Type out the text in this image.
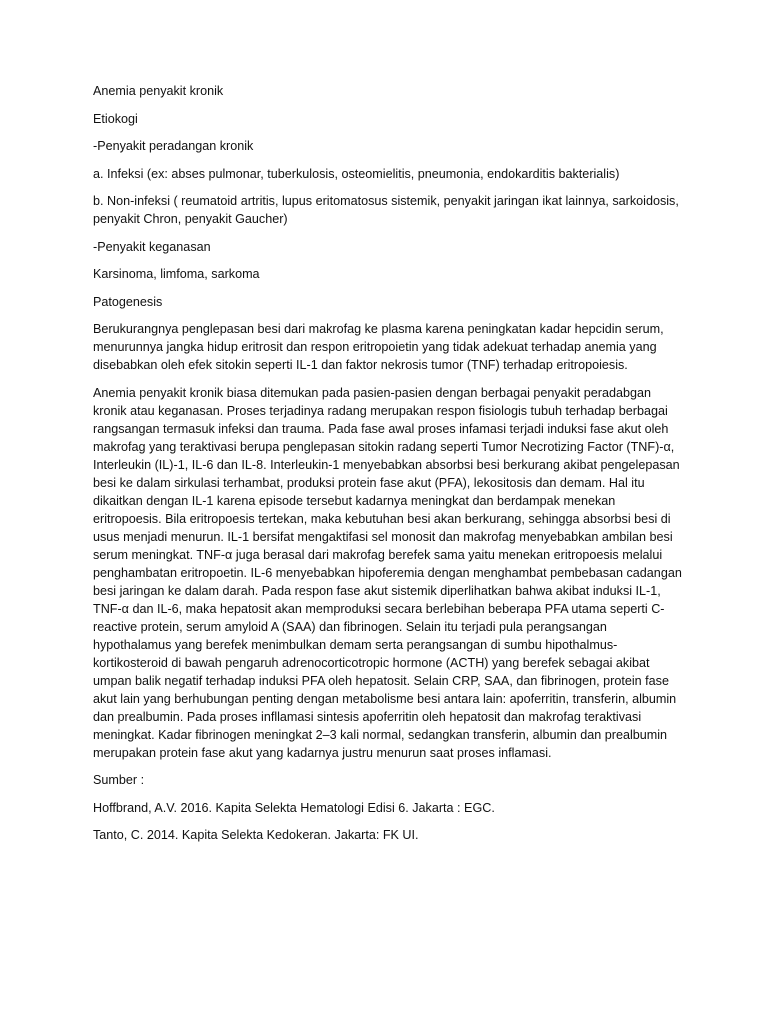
Anemia penyakit kronik

Etiokogi

-Penyakit peradangan kronik

a. Infeksi (ex: abses pulmonar, tuberkulosis, osteomielitis, pneumonia, endokarditis bakterialis)

b. Non-infeksi ( reumatoid artritis, lupus eritomatosus sistemik, penyakit jaringan ikat lainnya, sarkoidosis, penyakit Chron, penyakit Gaucher)

-Penyakit keganasan

Karsinoma, limfoma, sarkoma

Patogenesis

Berukurangnya penglepasan besi dari makrofag ke plasma karena peningkatan kadar hepcidin serum, menurunnya jangka hidup eritrosit dan respon eritropoietin yang tidak adekuat terhadap anemia yang disebabkan oleh efek sitokin seperti IL-1 dan faktor nekrosis tumor (TNF) terhadap eritropoiesis.

Anemia penyakit kronik biasa ditemukan pada pasien-pasien dengan berbagai penyakit peradabgan kronik atau keganasan. Proses terjadinya radang merupakan respon fisiologis tubuh terhadap berbagai rangsangan termasuk infeksi dan trauma. Pada fase awal proses infamasi terjadi induksi fase akut oleh makrofag yang teraktivasi berupa penglepasan sitokin radang seperti Tumor Necrotizing Factor (TNF)-α, Interleukin (IL)-1, IL-6 dan IL-8. Interleukin-1 menyebabkan absorbsi besi berkurang akibat pengelepasan besi ke dalam sirkulasi terhambat, produksi protein fase akut (PFA), lekositosis dan demam. Hal itu dikaitkan dengan IL-1 karena episode tersebut kadarnya meningkat dan berdampak menekan eritropoesis. Bila eritropoesis tertekan, maka kebutuhan besi akan berkurang, sehingga absorbsi besi di usus menjadi menurun. IL-1 bersifat mengaktifasi sel monosit dan makrofag menyebabkan ambilan besi serum meningkat. TNF-α juga berasal dari makrofag berefek sama yaitu menekan eritropoesis melalui penghambatan eritropoetin. IL-6 menyebabkan hipoferemia dengan menghambat pembebasan cadangan besi jaringan ke dalam darah. Pada respon fase akut sistemik diperlihatkan bahwa akibat induksi IL-1, TNF-α dan IL-6, maka hepatosit akan memproduksi secara berlebihan beberapa PFA utama seperti C-reactive protein, serum amyloid A (SAA) dan fibrinogen. Selain itu terjadi pula perangsangan hypothalamus yang berefek menimbulkan demam serta perangsangan di sumbu hipothalmus-kortikosteroid di bawah pengaruh adrenocorticotropic hormone (ACTH) yang berefek sebagai akibat umpan balik negatif terhadap induksi PFA oleh hepatosit. Selain CRP, SAA, dan fibrinogen, protein fase akut lain yang berhubungan penting dengan metabolisme besi antara lain: apoferritin, transferin, albumin dan prealbumin. Pada proses infllamasi sintesis apoferritin oleh hepatosit dan makrofag teraktivasi meningkat. Kadar fibrinogen meningkat 2–3 kali normal, sedangkan transferin, albumin dan prealbumin merupakan protein fase akut yang kadarnya justru menurun saat proses inflamasi.

Sumber :

Hoffbrand, A.V. 2016. Kapita Selekta Hematologi Edisi 6. Jakarta : EGC.

Tanto, C. 2014. Kapita Selekta Kedokeran. Jakarta: FK UI.
